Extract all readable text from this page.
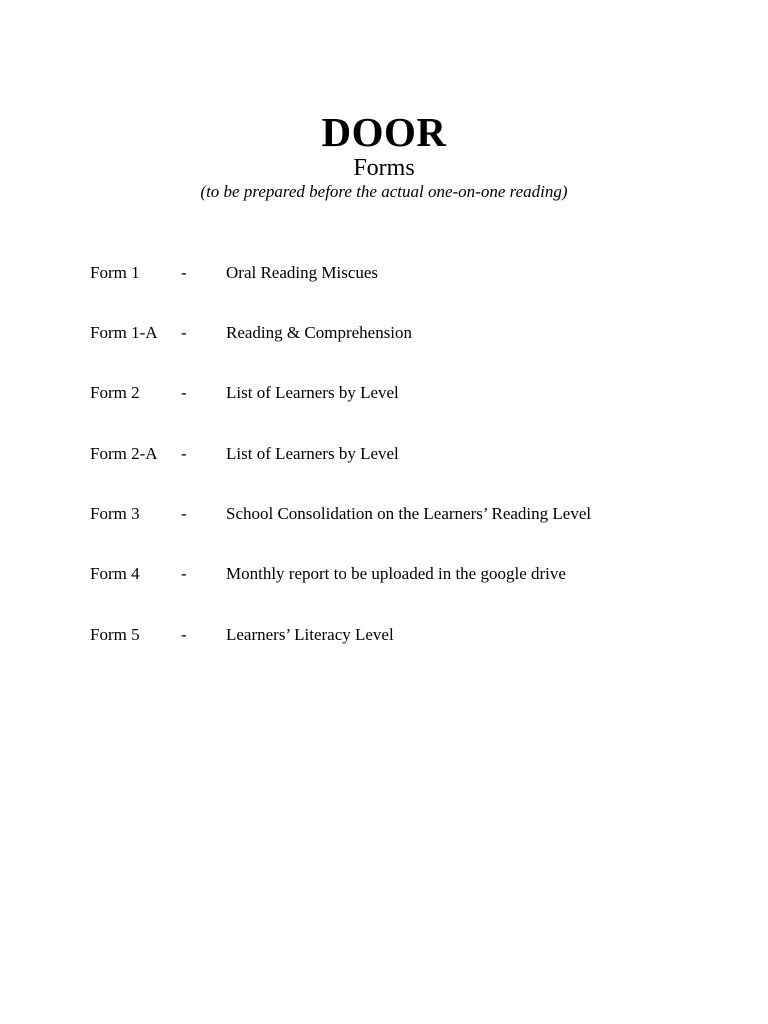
DOOR
Forms
(to be prepared before the actual one-on-one reading)
Form 1 - Oral Reading Miscues
Form 1-A - Reading & Comprehension
Form 2 - List of Learners by Level
Form 2-A - List of Learners by Level
Form 3 - School Consolidation on the Learners’ Reading Level
Form 4 - Monthly report to be uploaded in the google drive
Form 5 - Learners’ Literacy Level
